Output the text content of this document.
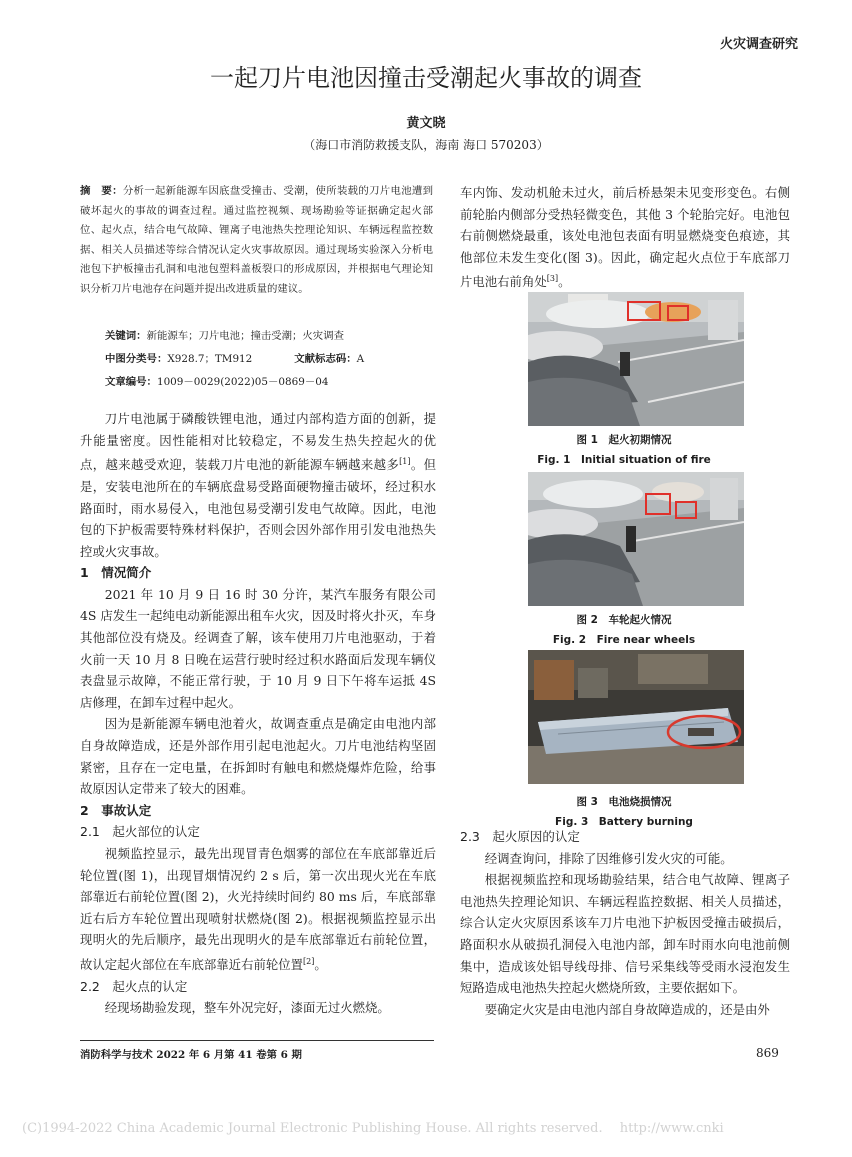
火灾调查研究
一起刀片电池因撞击受潮起火事故的调查
黄文晓
（海口市消防救援支队，海南 海口 570203）
摘　要：分析一起新能源车因底盘受撞击、受潮，使所装载的刀片电池遭到破坏起火的事故的调查过程。通过监控视频、现场勘验等证据确定起火部位、起火点，结合电气故障、锂离子电池热失控理论知识、车辆远程监控数据、相关人员描述等综合情况认定火灾事故原因。通过现场实验深入分析电池包下护板撞击孔洞和电池包塑料盖板裂口的形成原因，并根据电气理论知识分析刀片电池存在问题并提出改进质量的建议。
关键词：新能源车；刀片电池；撞击受潮；火灾调查
中图分类号：X928.7；TM912	文献标志码：A
文章编号：1009－0029(2022)05－0869－04

刀片电池属于磷酸铁锂电池，通过内部构造方面的创新，提升能量密度。因性能相对比较稳定，不易发生热失控起火的优点，越来越受欢迎，装载刀片电池的新能源车辆越来越多[1]。但是，安装电池所在的车辆底盘易受路面硬物撞击破坏，经过积水路面时，雨水易侵入，电池包易受潮引发电气故障。因此，电池包的下护板需要特殊材料保护，否则会因外部作用引发电池热失控或火灾事故。

1　情况简介

2021 年 10 月 9 日 16 时 30 分许，某汽车服务有限公司 4S 店发生一起纯电动新能源出租车火灾，因及时将火扑灭，车身其他部位没有烧及。经调查了解，该车使用刀片电池驱动，于着火前一天 10 月 8 日晚在运营行驶时经过积水路面后发现车辆仪表盘显示故障，不能正常行驶，于 10 月 9 日下午将车运抵 4S 店修理，在卸车过程中起火。

因为是新能源车辆电池着火，故调查重点是确定由电池内部自身故障造成，还是外部作用引起电池起火。刀片电池结构坚固紧密，且存在一定电量，在拆卸时有触电和燃烧爆炸危险，给事故原因认定带来了较大的困难。

2　事故认定
2.1　起火部位的认定

视频监控显示，最先出现冒青色烟雾的部位在车底部靠近后轮位置(图 1)，出现冒烟情况约 2 s 后，第一次出现火光在车底部靠近右前轮位置(图 2)，火光持续时间约 80 ms 后，车底部靠近右后方车轮位置出现喷射状燃烧(图 2)。根据视频监控显示出现明火的先后顺序，最先出现明火的是车底部靠近右前轮位置，故认定起火部位在车底部靠近右前轮位置[2]。

2.2　起火点的认定

经现场勘验发现，整车外况完好，漆面无过火燃烧。

车内饰、发动机舱未过火，前后桥悬架未见变形变色。右侧前轮胎内侧部分受热轻微变色，其他 3 个轮胎完好。电池包右前侧燃烧最重，该处电池包表面有明显燃烧变色痕迹，其他部位未发生变化(图 3)。因此，确定起火点位于车底部刀片电池右前角处[3]。

图 1　起火初期情况
Fig. 1　Initial situation of fire
图 2　车轮起火情况
Fig. 2　Fire near wheels
图 3　电池烧损情况
Fig. 3　Battery burning
2.3　起火原因的认定

经调查询问，排除了因维修引发火灾的可能。

根据视频监控和现场勘验结果，结合电气故障、锂离子电池热失控理论知识、车辆远程监控数据、相关人员描述，综合认定火灾原因系该车刀片电池下护板因受撞击破损后，路面积水从破损孔洞侵入电池内部，卸车时雨水向电池前侧集中，造成该处铝导线母排、信号采集线等受雨水浸泡发生短路造成电池热失控起火燃烧所致，主要依据如下。

要确定火灾是由电池内部自身故障造成的，还是由外

消防科学与技术 2022 年 6 月第 41 卷第 6 期	869
(C)1994-2022 China Academic Journal Electronic Publishing House. All rights reserved.　 http://www.cnki
